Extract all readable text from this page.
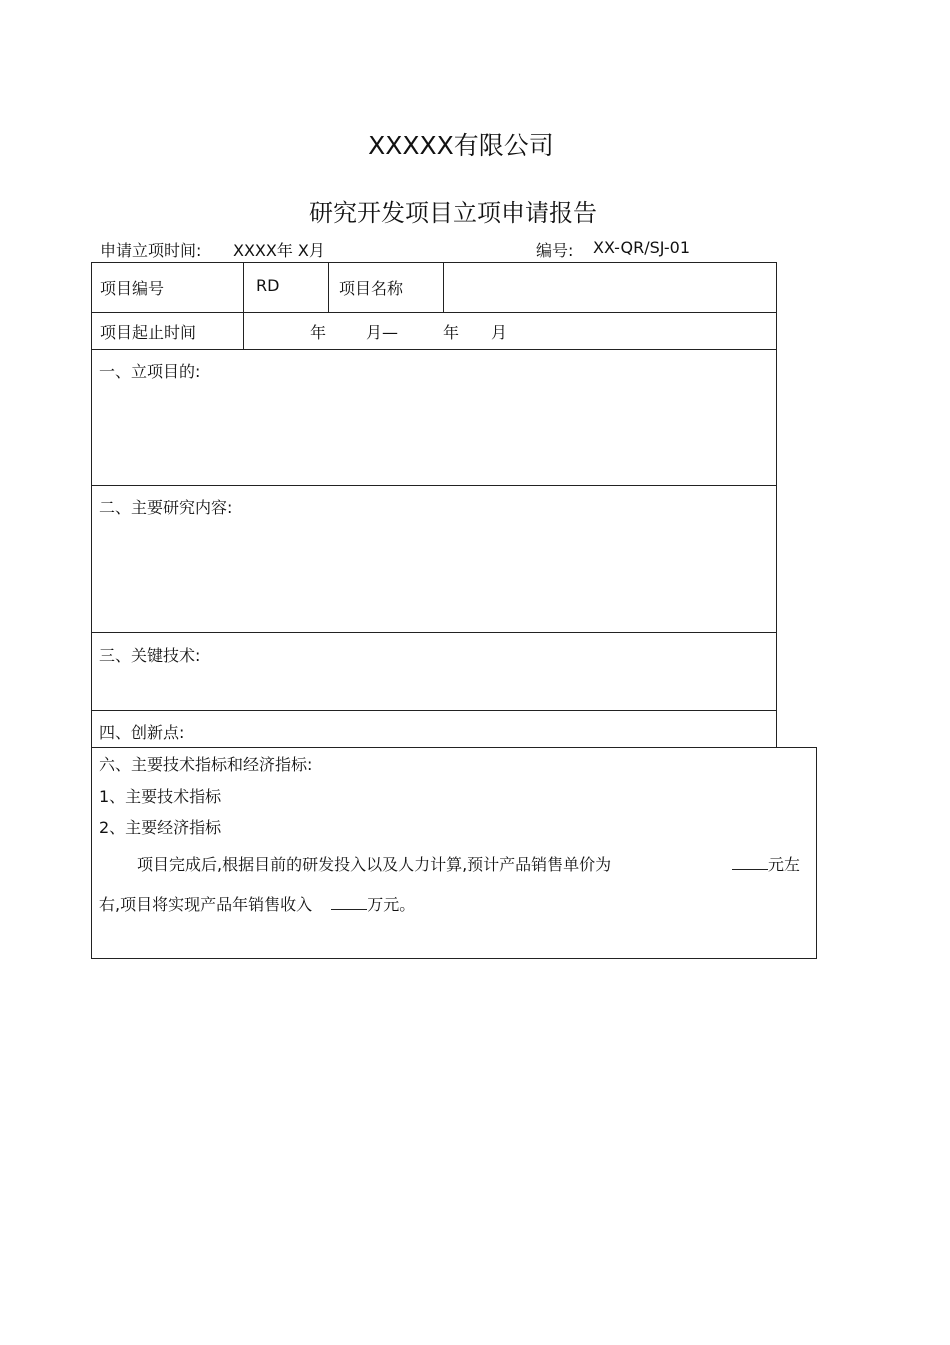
XXXXX有限公司
研究开发项目立项申请报告
申请立项时间: XXXX年 X月	编号: XX-QR/SJ-01
项目编号	RD	项目名称
项目起止时间	年 月—	年 月
一、立项目的:
二、主要研究内容:
三、关键技术:
四、创新点:
六、主要技术指标和经济指标:
1、主要技术指标
2、主要经济指标
项目完成后,根据目前的研发投入以及人力计算,预计产品销售单价为	元左
右,项目将实现产品年销售收入	万元。
